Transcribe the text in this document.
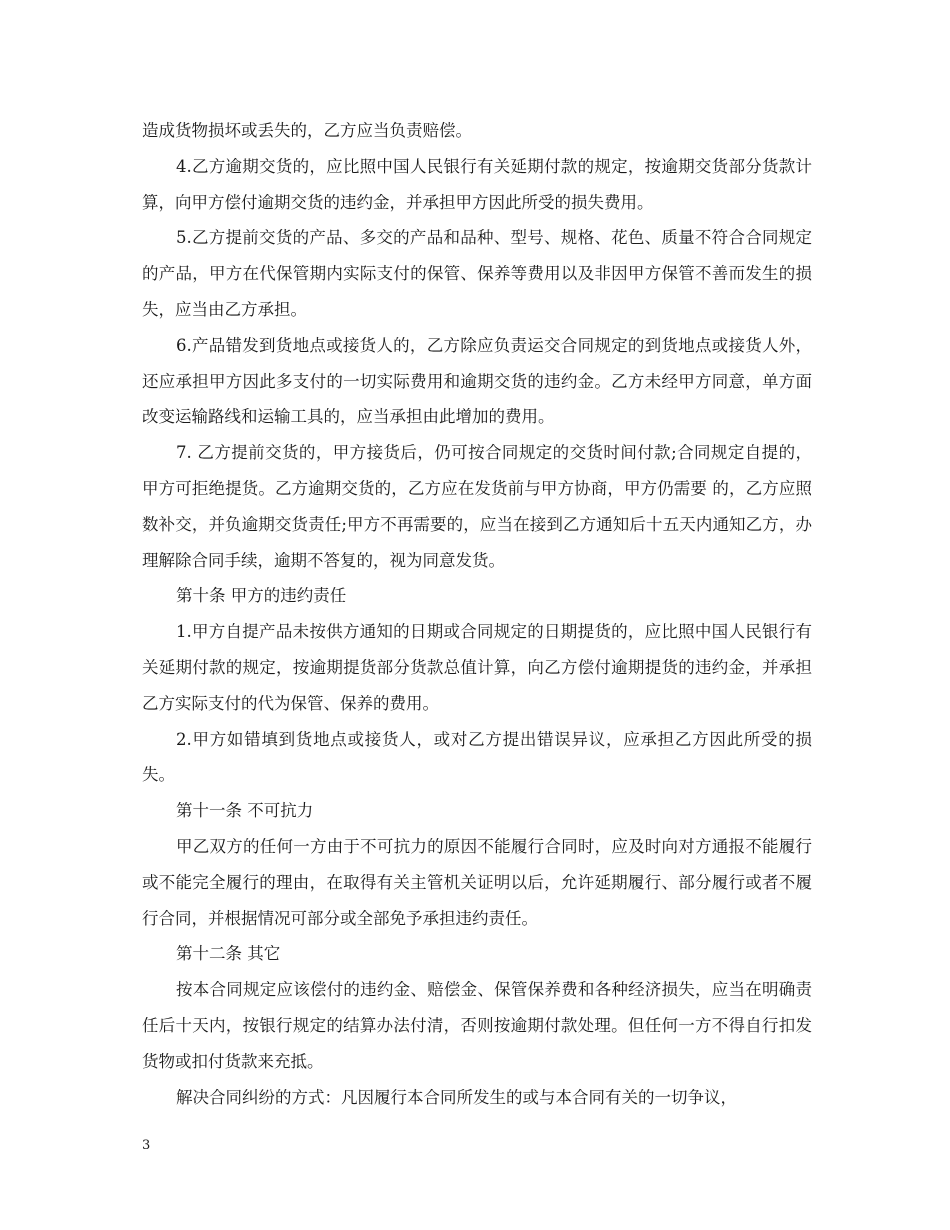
造成货物损坏或丢失的，乙方应当负责赔偿。

4.乙方逾期交货的，应比照中国人民银行有关延期付款的规定，按逾期交货部分货款计算，向甲方偿付逾期交货的违约金，并承担甲方因此所受的损失费用。

5.乙方提前交货的产品、多交的产品和品种、型号、规格、花色、质量不符合合同规定的产品，甲方在代保管期内实际支付的保管、保养等费用以及非因甲方保管不善而发生的损失，应当由乙方承担。

6.产品错发到货地点或接货人的，乙方除应负责运交合同规定的到货地点或接货人外，还应承担甲方因此多支付的一切实际费用和逾期交货的违约金。乙方未经甲方同意，单方面改变运输路线和运输工具的，应当承担由此增加的费用。

7. 乙方提前交货的，甲方接货后，仍可按合同规定的交货时间付款;合同规定自提的，甲方可拒绝提货。乙方逾期交货的，乙方应在发货前与甲方协商，甲方仍需要 的，乙方应照数补交，并负逾期交货责任;甲方不再需要的，应当在接到乙方通知后十五天内通知乙方，办理解除合同手续，逾期不答复的，视为同意发货。

第十条 甲方的违约责任

1.甲方自提产品未按供方通知的日期或合同规定的日期提货的，应比照中国人民银行有关延期付款的规定，按逾期提货部分货款总值计算，向乙方偿付逾期提货的违约金，并承担乙方实际支付的代为保管、保养的费用。

2.甲方如错填到货地点或接货人，或对乙方提出错误异议，应承担乙方因此所受的损失。

第十一条 不可抗力

甲乙双方的任何一方由于不可抗力的原因不能履行合同时，应及时向对方通报不能履行或不能完全履行的理由，在取得有关主管机关证明以后，允许延期履行、部分履行或者不履行合同，并根据情况可部分或全部免予承担违约责任。

第十二条 其它

按本合同规定应该偿付的违约金、赔偿金、保管保养费和各种经济损失，应当在明确责任后十天内，按银行规定的结算办法付清，否则按逾期付款处理。但任何一方不得自行扣发货物或扣付货款来充抵。

解决合同纠纷的方式：凡因履行本合同所发生的或与本合同有关的一切争议，

3
